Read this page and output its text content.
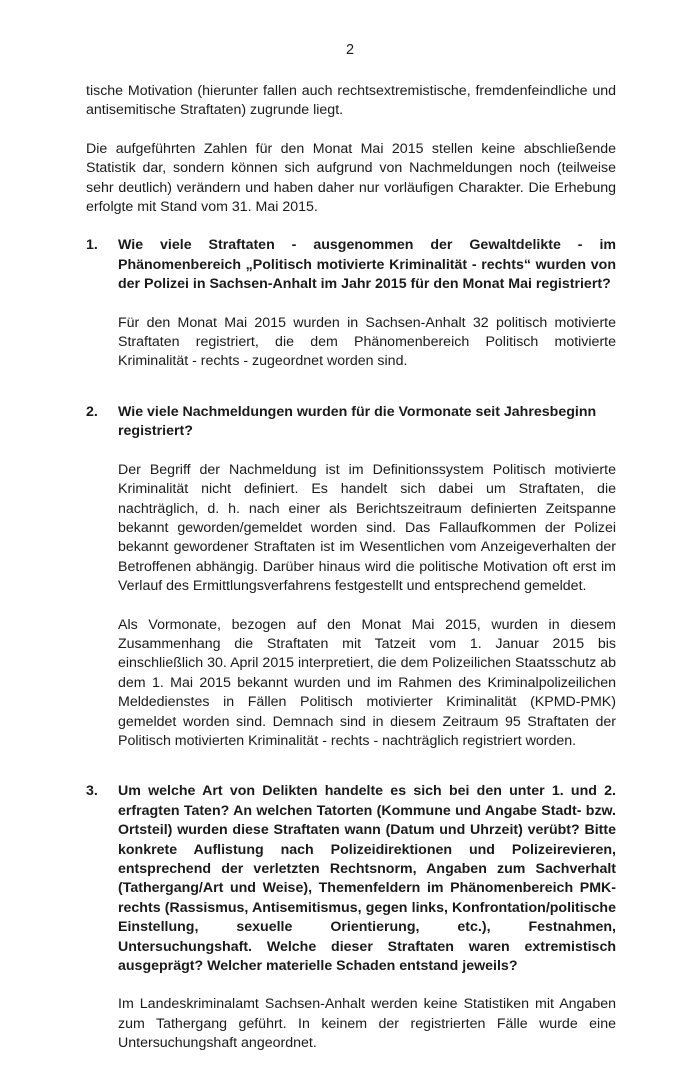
2

tische Motivation (hierunter fallen auch rechtsextremistische, fremdenfeindliche und antisemitische Straftaten) zugrunde liegt.

Die aufgeführten Zahlen für den Monat Mai 2015 stellen keine abschließende Statistik dar, sondern können sich aufgrund von Nachmeldungen noch (teilweise sehr deutlich) verändern und haben daher nur vorläufigen Charakter. Die Erhebung erfolgte mit Stand vom 31. Mai 2015.

1.	Wie viele Straftaten - ausgenommen der Gewaltdelikte - im Phänomenbereich „Politisch motivierte Kriminalität - rechts“ wurden von der Polizei in Sachsen-Anhalt im Jahr 2015 für den Monat Mai registriert?

Für den Monat Mai 2015 wurden in Sachsen-Anhalt 32 politisch motivierte Straftaten registriert, die dem Phänomenbereich Politisch motivierte Kriminalität - rechts - zugeordnet worden sind.

2.	Wie viele Nachmeldungen wurden für die Vormonate seit Jahresbeginn registriert?

Der Begriff der Nachmeldung ist im Definitionssystem Politisch motivierte Kriminalität nicht definiert. Es handelt sich dabei um Straftaten, die nachträglich, d. h. nach einer als Berichtszeitraum definierten Zeitspanne bekannt geworden/gemeldet worden sind. Das Fallaufkommen der Polizei bekannt gewordener Straftaten ist im Wesentlichen vom Anzeigeverhalten der Betroffenen abhängig. Darüber hinaus wird die politische Motivation oft erst im Verlauf des Ermittlungsverfahrens festgestellt und entsprechend gemeldet.

Als Vormonate, bezogen auf den Monat Mai 2015, wurden in diesem Zusammenhang die Straftaten mit Tatzeit vom 1. Januar 2015 bis einschließlich 30. April 2015 interpretiert, die dem Polizeilichen Staatsschutz ab dem 1. Mai 2015 bekannt wurden und im Rahmen des Kriminalpolizeilichen Meldedienstes in Fällen Politisch motivierter Kriminalität (KPMD-PMK) gemeldet worden sind. Demnach sind in diesem Zeitraum 95 Straftaten der Politisch motivierten Kriminalität - rechts - nachträglich registriert worden.

3.	Um welche Art von Delikten handelte es sich bei den unter 1. und 2. erfragten Taten? An welchen Tatorten (Kommune und Angabe Stadt- bzw. Ortsteil) wurden diese Straftaten wann (Datum und Uhrzeit) verübt? Bitte konkrete Auflistung nach Polizeidirektionen und Polizeirevieren, entsprechend der verletzten Rechtsnorm, Angaben zum Sachverhalt (Tathergang/Art und Weise), Themenfeldern im Phänomenbereich PMK-rechts (Rassismus, Antisemitismus, gegen links, Konfrontation/politische Einstellung, sexuelle Orientierung, etc.), Festnahmen, Untersuchungshaft. Welche dieser Straftaten waren extremistisch ausgeprägt? Welcher materielle Schaden entstand jeweils?

Im Landeskriminalamt Sachsen-Anhalt werden keine Statistiken mit Angaben zum Tathergang geführt. In keinem der registrierten Fälle wurde eine Untersuchungshaft angeordnet.
